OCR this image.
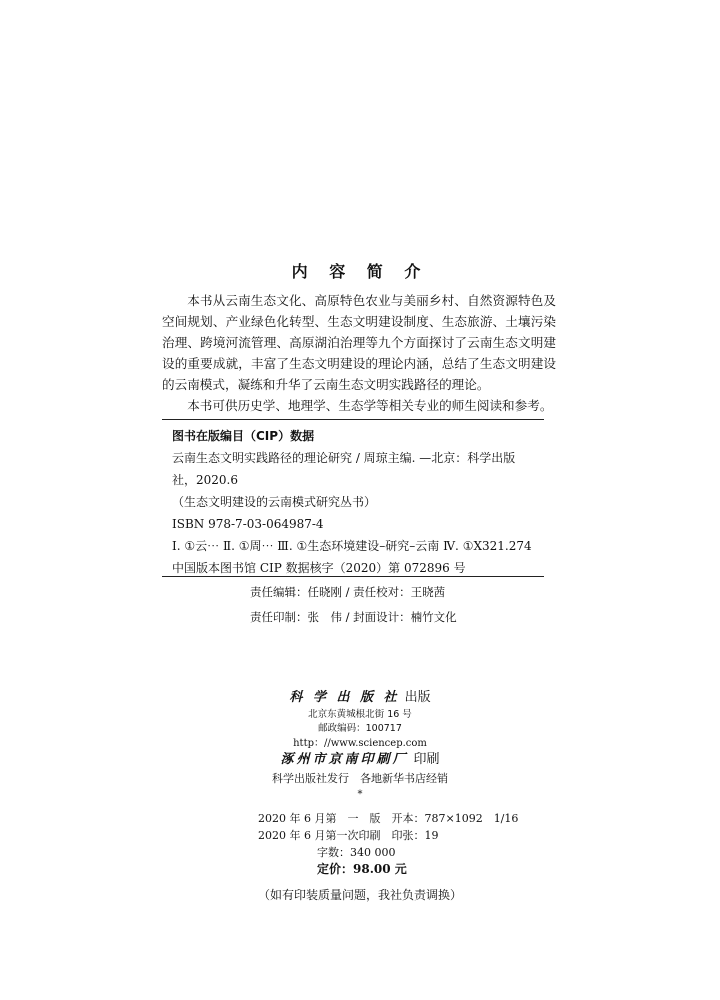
内 容 简 介

本书从云南生态文化、高原特色农业与美丽乡村、自然资源特色及空间规划、产业绿色化转型、生态文明建设制度、生态旅游、土壤污染治理、跨境河流管理、高原湖泊治理等九个方面探讨了云南生态文明建设的重要成就，丰富了生态文明建设的理论内涵，总结了生态文明建设的云南模式，凝练和升华了云南生态文明实践路径的理论。

本书可供历史学、地理学、生态学等相关专业的师生阅读和参考。

图书在版编目（CIP）数据
云南生态文明实践路径的理论研究 / 周琼主编. —北京：科学出版
社，2020.6
（生态文明建设的云南模式研究丛书）
ISBN 978-7-03-064987-4
Ⅰ. ①云⋯ Ⅱ. ①周⋯ Ⅲ. ①生态环境建设–研究–云南 Ⅳ. ①X321.274
中国版本图书馆 CIP 数据核字（2020）第 072896 号
责任编辑：任晓刚 / 责任校对：王晓茜
责任印制：张　伟 / 封面设计：楠竹文化
科 学 出 版 社 出版
北京东黄城根北街 16 号
邮政编码：100717
http：//www.sciencep.com
涿州市京南印刷厂 印刷
科学出版社发行　各地新华书店经销
*
2020 年 6 月第　一　版　开本：787×1092　1/16
2020 年 6 月第一次印刷　印张：19
字数：340 000
定价：98.00 元
（如有印装质量问题，我社负责调换）
